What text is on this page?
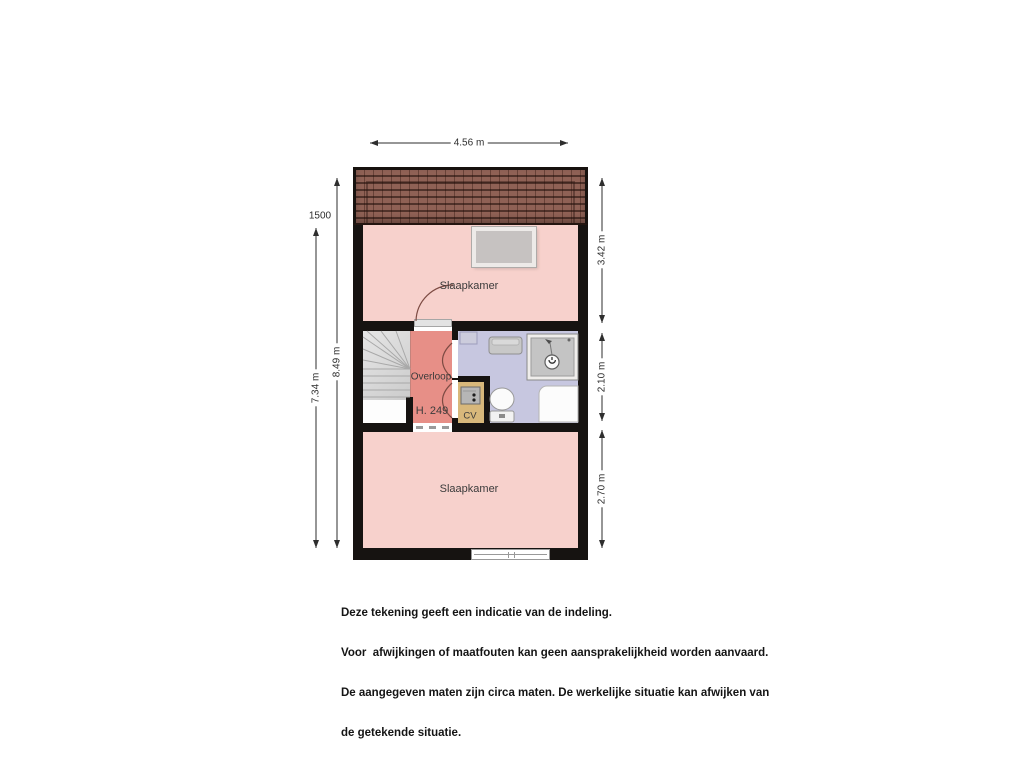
Slaapkamer
Overloop
H. 249 CV
Slaapkamer
4.56 m
8.49 m
7.34 m
1500
3.42 m
2.10 m
2.70 m

Deze tekening geeft een indicatie van de indeling.

Voor  afwijkingen of maatfouten kan geen aansprakelijkheid worden aanvaard.

De aangegeven maten zijn circa maten. De werkelijke situatie kan afwijken van

de getekende situatie.
